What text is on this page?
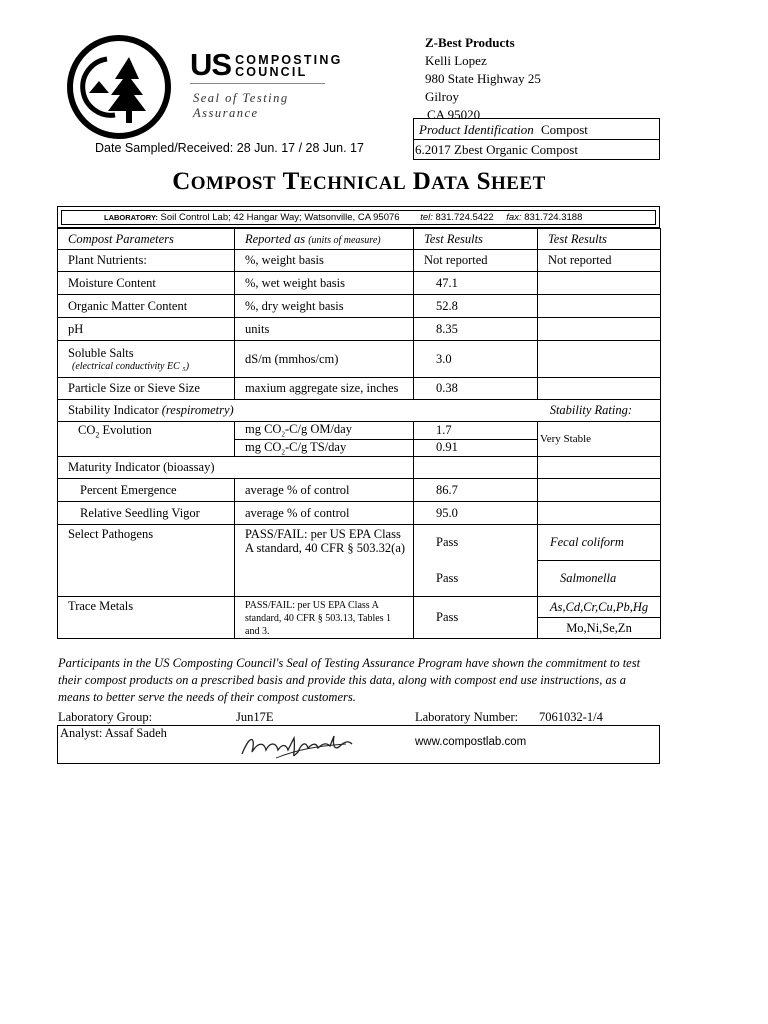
US COMPOSTING
COUNCIL
Seal of Testing
Assurance
Date Sampled/Received: 28 Jun. 17 / 28 Jun. 17
Z-Best Products
Kelli Lopez
980 State Highway 25
Gilroy
CA 95020
Product Identification Compost
6.2017 Zbest Organic Compost
COMPOST TECHNICAL DATA SHEET
LABORATORY: Soil Control Lab; 42 Hangar Way; Watsonville, CA 95076 tel: 831.724.5422 fax: 831.724.3188
Compost Parameters	Reported as (units of measure)	Test Results	Test Results
Plant Nutrients:	%, weight basis	Not reported	Not reported
Moisture Content	%, wet weight basis	47.1	
Organic Matter Content	%, dry weight basis	52.8	
pH	units	8.35	

Soluble Salts
(electrical conductivity EC ₅)	dS/m (mmhos/cm)	3.0	
Particle Size or Sieve Size	maxium aggregate size, inches	0.38	
Stability Indicator (respirometry)			Stability Rating:
$CO_2$ Evolution	mg $CO_2-C/g$ OM/day	1.7	Very Stable
	mg $CO_2-C/g$ TS/day	0.91	
Maturity Indicator (bioassay)			
Percent Emergence	average % of control	86.7	
Relative Seedling Vigor	average % of control	95.0	
Select Pathogens	PASS/FAIL: per US EPA Class A standard, 40 CFR § 503.32(a)	Pass	Fecal coliform
		Pass	Salmonella
Trace Metals	PASS/FAIL: per US EPA Class A standard, 40 CFR § 503.13, Tables 1 and 3.	Pass	As,Cd,Cr,Cu,Pb,Hg
			Mo,Ni,Se,Zn
Participants in the US Composting Council's Seal of Testing Assurance Program have shown the commitment to test their compost products on a prescribed basis and provide this data, along with compost end use instructions, as a means to better serve the needs of their compost customers.
Laboratory Group:	Jun17E	Laboratory Number: 7061032-1/4
Analyst: Assaf Sadeh
www.compostlab.com
